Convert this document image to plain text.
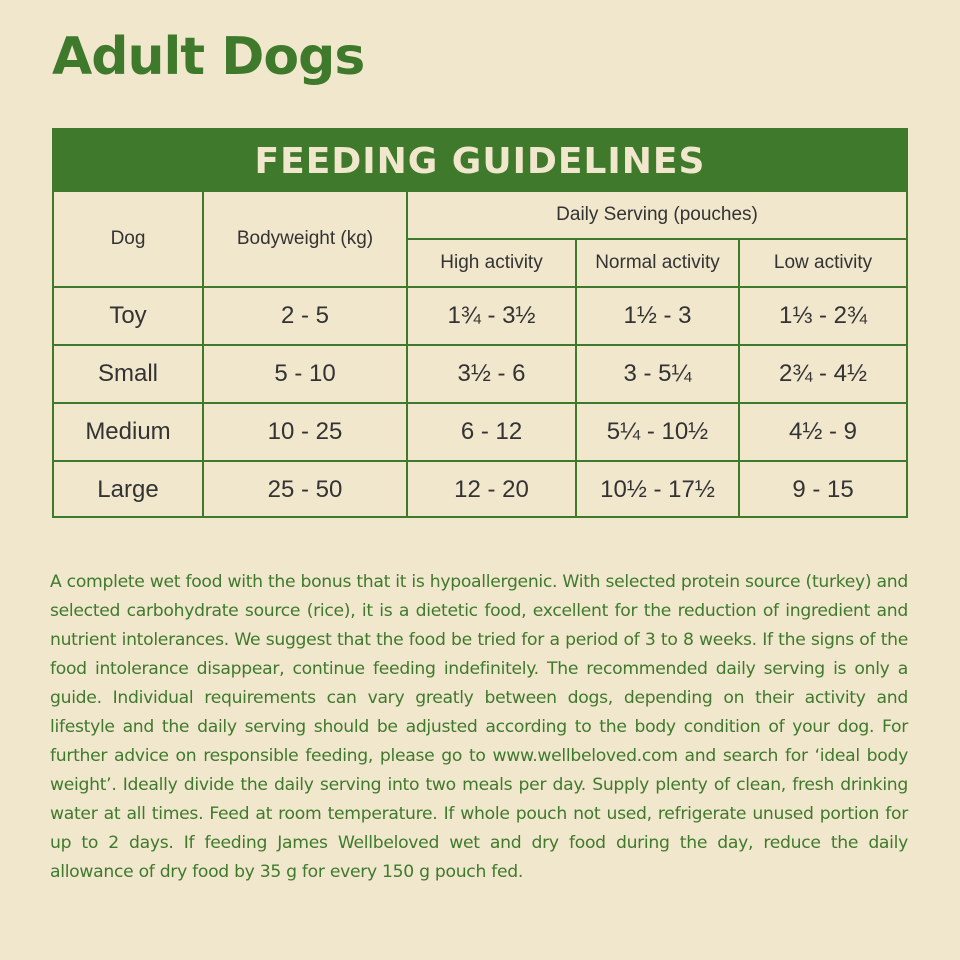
Adult Dogs
FEEDING GUIDELINES
Dog	Bodyweight (kg)	Daily Serving (pouches)		
		High activity	Normal activity	Low activity
Toy	2 - 5	1¾ - 3½	1½ - 3	1⅓ - 2¾
Small	5 - 10	3½ - 6	3 - 5¼	2¾ - 4½
Medium	10 - 25	6 - 12	5¼ - 10½	4½ - 9
Large	25 - 50	12 - 20	10½ - 17½	9 - 15

A complete wet food with the bonus that it is hypoallergenic. With selected protein source (turkey) and selected carbohydrate source (rice), it is a dietetic food, excellent for the reduction of ingredient and nutrient intolerances. We suggest that the food be tried for a period of 3 to 8 weeks. If the signs of the food intolerance disappear, continue feeding indefinitely. The recommended daily serving is only a guide. Individual requirements can vary greatly between dogs, depending on their activity and lifestyle and the daily serving should be adjusted according to the body condition of your dog. For further advice on responsible feeding, please go to www.wellbeloved.com and search for ‘ideal body weight’. Ideally divide the daily serving into two meals per day. Supply plenty of clean, fresh drinking water at all times. Feed at room temperature. If whole pouch not used, refrigerate unused portion for up to 2 days. If feeding James Wellbeloved wet and dry food during the day, reduce the daily allowance of dry food by 35 g for every 150 g pouch fed.
